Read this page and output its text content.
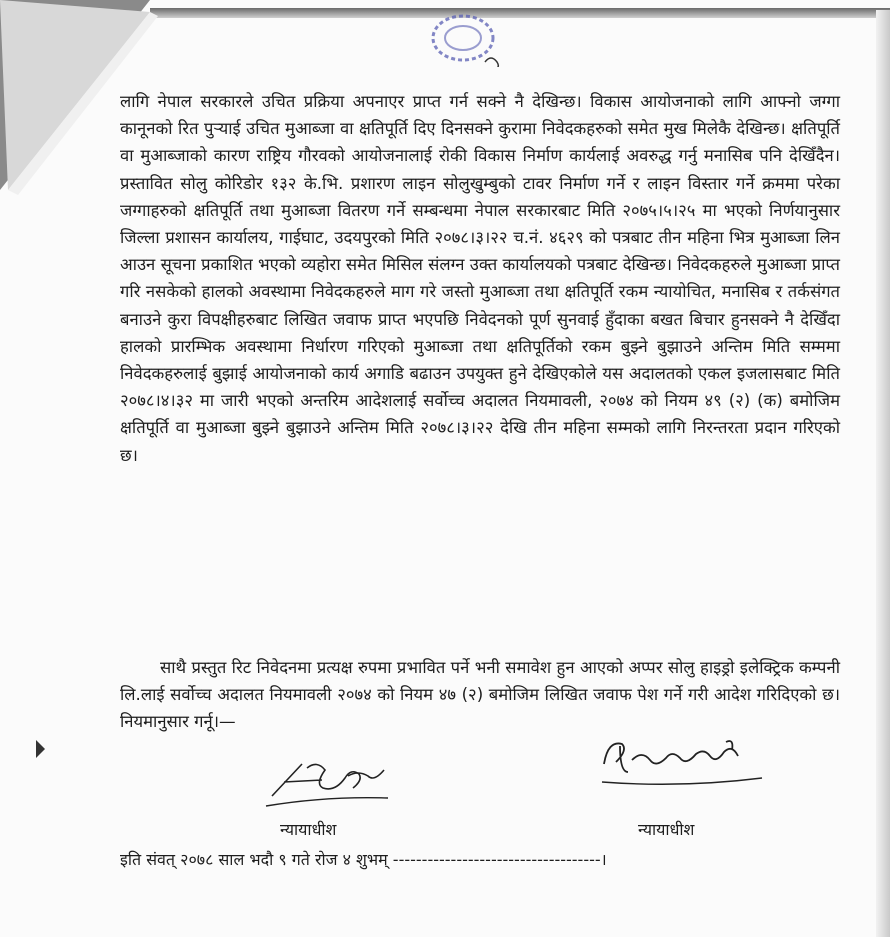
लागि नेपाल सरकारले उचित प्रक्रिया अपनाएर प्राप्त गर्न सक्ने नै देखिन्छ। विकास आयोजनाको लागि आफ्नो जग्गा कानूनको रित पुऱ्याई उचित मुआब्जा वा क्षतिपूर्ति दिए दिनसक्ने कुरामा निवेदकहरुको समेत मुख मिलेकै देखिन्छ। क्षतिपूर्ति वा मुआब्जाको कारण राष्ट्रिय गौरवको आयोजनालाई रोकी विकास निर्माण कार्यलाई अवरुद्ध गर्नु मनासिब पनि देखिँदैन। प्रस्तावित सोलु कोरिडोर १३२ के.भि. प्रशारण लाइन सोलुखुम्बुको टावर निर्माण गर्ने र लाइन विस्तार गर्ने क्रममा परेका जग्गाहरुको क्षतिपूर्ति तथा मुआब्जा वितरण गर्ने सम्बन्धमा नेपाल सरकारबाट मिति २०७५।५।२५ मा भएको निर्णयानुसार जिल्ला प्रशासन कार्यालय, गाईघाट, उदयपुरको मिति २०७८।३।२२ च.नं. ४६२९ को पत्रबाट तीन महिना भित्र मुआब्जा लिन आउन सूचना प्रकाशित भएको व्यहोरा समेत मिसिल संलग्न उक्त कार्यालयको पत्रबाट देखिन्छ। निवेदकहरुले मुआब्जा प्राप्त गरि नसकेको हालको अवस्थामा निवेदकहरुले माग गरे जस्तो मुआब्जा तथा क्षतिपूर्ति रकम न्यायोचित, मनासिब र तर्कसंगत बनाउने कुरा विपक्षीहरुबाट लिखित जवाफ प्राप्त भएपछि निवेदनको पूर्ण सुनवाई हुँदाका बखत बिचार हुनसक्ने नै देखिँदा हालको प्रारम्भिक अवस्थामा निर्धारण गरिएको मुआब्जा तथा क्षतिपूर्तिको रकम बुझ्ने बुझाउने अन्तिम मिति सम्ममा निवेदकहरुलाई बुझाई आयोजनाको कार्य अगाडि बढाउन उपयुक्त हुने देखिएकोले यस अदालतको एकल इजलासबाट मिति २०७८।४।३२ मा जारी भएको अन्तरिम आदेशलाई सर्वोच्च अदालत नियमावली, २०७४ को नियम ४९ (२) (क) बमोजिम क्षतिपूर्ति वा मुआब्जा बुझ्ने बुझाउने अन्तिम मिति २०७८।३।२२ देखि तीन महिना सम्मको लागि निरन्तरता प्रदान गरिएको छ।

साथै प्रस्तुत रिट निवेदनमा प्रत्यक्ष रुपमा प्रभावित पर्ने भनी समावेश हुन आएको अप्पर सोलु हाइड्रो इलेक्ट्रिक कम्पनी लि.लाई सर्वोच्च अदालत नियमावली २०७४ को नियम ४७ (२) बमोजिम लिखित जवाफ पेश गर्ने गरी आदेश गरिदिएको छ। नियमानुसार गर्नू।—

न्यायाधीश	न्यायाधीश
इति संवत् २०७८ साल भदौ ९ गते रोज ४ शुभम् ------------------------------------।
